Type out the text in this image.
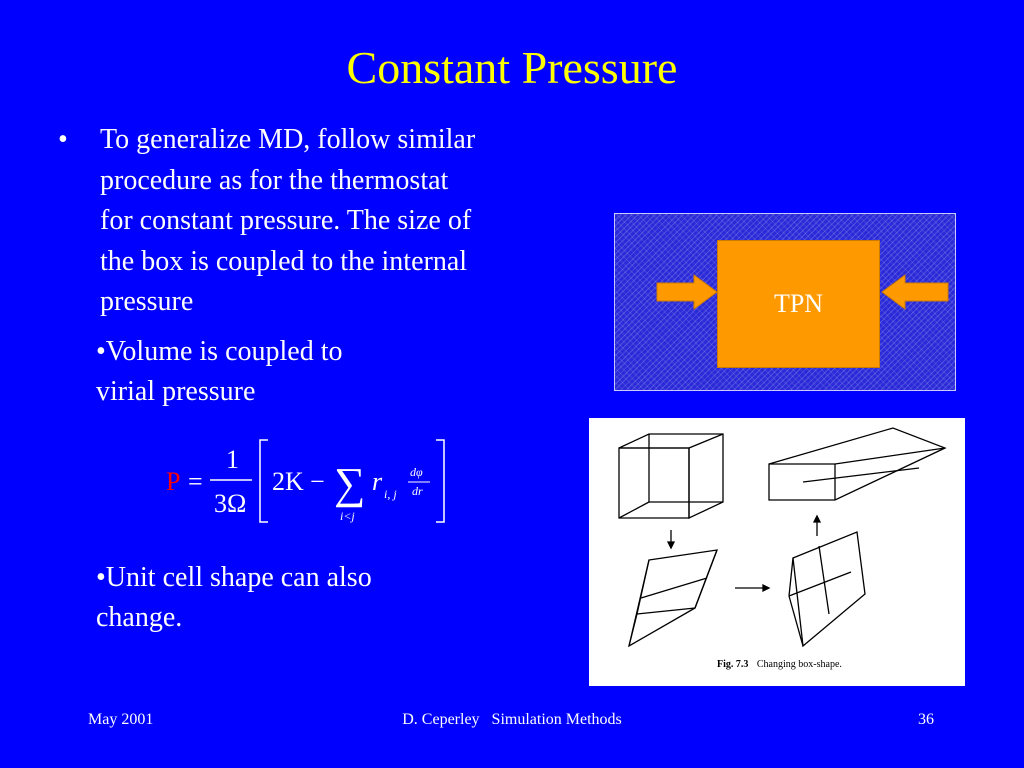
Constant Pressure
• To generalize MD, follow similar
procedure as for the thermostat
for constant pressure. The size of
the box is coupled to the internal
pressure
•Volume is coupled to
virial pressure
TPN
P =
1
3Ω
2K − ∑
i<j
r i, j
dφ
dr
•Unit cell shape can also
change.
Fig. 7.3 Changing box-shape.
May 2001	D. Ceperley   Simulation Methods	36
